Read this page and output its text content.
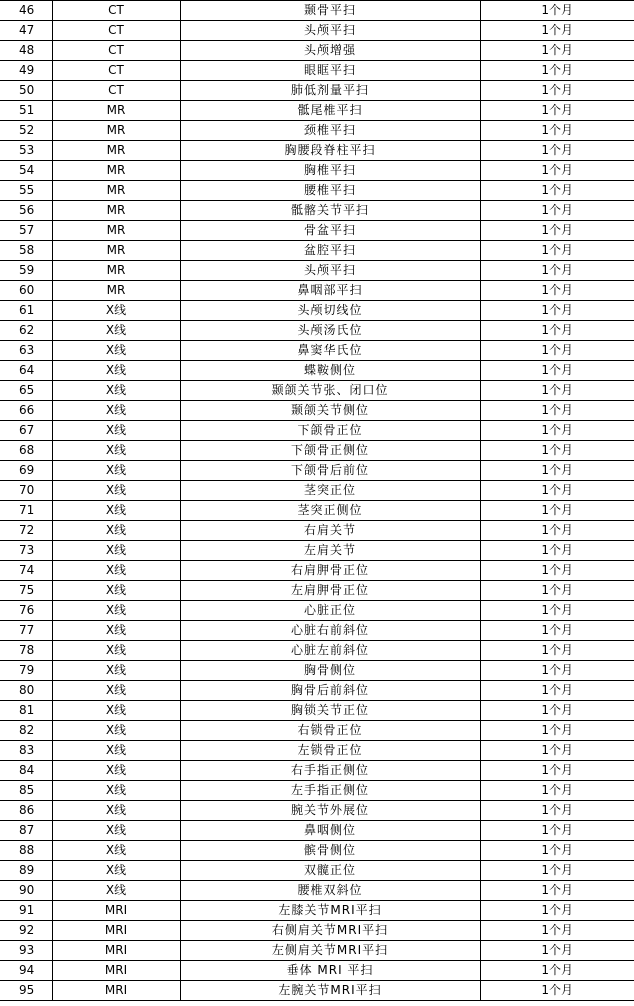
46	CT	颞骨平扫	1个月
47	CT	头颅平扫	1个月
48	CT	头颅增强	1个月
49	CT	眼眶平扫	1个月
50	CT	肺低剂量平扫	1个月
51	MR	骶尾椎平扫	1个月
52	MR	颈椎平扫	1个月
53	MR	胸腰段脊柱平扫	1个月
54	MR	胸椎平扫	1个月
55	MR	腰椎平扫	1个月
56	MR	骶髂关节平扫	1个月
57	MR	骨盆平扫	1个月
58	MR	盆腔平扫	1个月
59	MR	头颅平扫	1个月
60	MR	鼻咽部平扫	1个月
61	X线	头颅切线位	1个月
62	X线	头颅汤氏位	1个月
63	X线	鼻窦华氏位	1个月
64	X线	蝶鞍侧位	1个月
65	X线	颞颌关节张、闭口位	1个月
66	X线	颞颌关节侧位	1个月
67	X线	下颌骨正位	1个月
68	X线	下颌骨正侧位	1个月
69	X线	下颌骨后前位	1个月
70	X线	茎突正位	1个月
71	X线	茎突正侧位	1个月
72	X线	右肩关节	1个月
73	X线	左肩关节	1个月
74	X线	右肩胛骨正位	1个月
75	X线	左肩胛骨正位	1个月
76	X线	心脏正位	1个月
77	X线	心脏右前斜位	1个月
78	X线	心脏左前斜位	1个月
79	X线	胸骨侧位	1个月
80	X线	胸骨后前斜位	1个月
81	X线	胸锁关节正位	1个月
82	X线	右锁骨正位	1个月
83	X线	左锁骨正位	1个月
84	X线	右手指正侧位	1个月
85	X线	左手指正侧位	1个月
86	X线	腕关节外展位	1个月
87	X线	鼻咽侧位	1个月
88	X线	髌骨侧位	1个月
89	X线	双髋正位	1个月
90	X线	腰椎双斜位	1个月
91	MRI	左膝关节MRI平扫	1个月
92	MRI	右侧肩关节MRI平扫	1个月
93	MRI	左侧肩关节MRI平扫	1个月
94	MRI	垂体 MRI 平扫	1个月
95	MRI	左腕关节MRI平扫	1个月
